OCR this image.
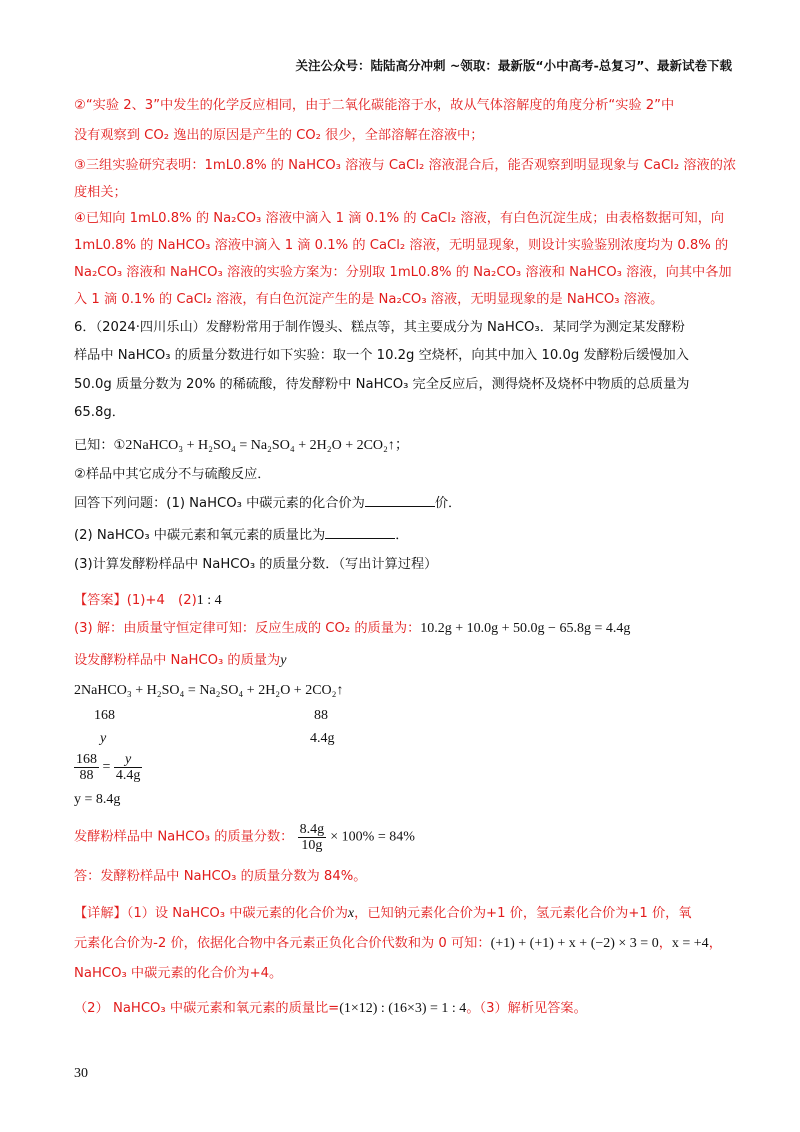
关注公众号：陆陆高分冲刺 ~领取：最新版“小中高考-总复习”、最新试卷下载
②“实验 2、3”中发生的化学反应相同，由于二氧化碳能溶于水，故从气体溶解度的角度分析“实验 2”中
没有观察到 CO₂ 逸出的原因是产生的 CO₂ 很少，全部溶解在溶液中；
③三组实验研究表明：1mL0.8% 的 NaHCO₃ 溶液与 CaCl₂ 溶液混合后，能否观察到明显现象与 CaCl₂ 溶液的浓
度相关；
④已知向 1mL0.8% 的 Na₂CO₃ 溶液中滴入 1 滴 0.1% 的 CaCl₂ 溶液，有白色沉淀生成；由表格数据可知，向
1mL0.8% 的 NaHCO₃ 溶液中滴入 1 滴 0.1% 的 CaCl₂ 溶液，无明显现象，则设计实验鉴别浓度均为 0.8% 的
Na₂CO₃ 溶液和 NaHCO₃ 溶液的实验方案为：分别取 1mL0.8% 的 Na₂CO₃ 溶液和 NaHCO₃ 溶液，向其中各加
入 1 滴 0.1% 的 CaCl₂ 溶液，有白色沉淀产生的是 Na₂CO₃ 溶液，无明显现象的是 NaHCO₃ 溶液。
6．（2024·四川乐山）发酵粉常用于制作馒头、糕点等，其主要成分为 NaHCO₃．某同学为测定某发酵粉
样品中 NaHCO₃ 的质量分数进行如下实验：取一个 10.2g 空烧杯，向其中加入 10.0g 发酵粉后缓慢加入
50.0g 质量分数为 20% 的稀硫酸，待发酵粉中 NaHCO₃ 完全反应后，测得烧杯及烧杯中物质的总质量为
65.8g．
已知：①2NaHCO₃ + H₂SO₄ = Na₂SO₄ + 2H₂O + 2CO₂↑；
②样品中其它成分不与硫酸反应．
回答下列问题：(1) NaHCO₃ 中碳元素的化合价为	价．
(2) NaHCO₃ 中碳元素和氧元素的质量比为	．
(3)计算发酵粉样品中 NaHCO₃ 的质量分数．（写出计算过程）
【答案】(1)+4　(2)1 : 4
(3) 解：由质量守恒定律可知：反应生成的 CO₂ 的质量为：10.2g + 10.0g + 50.0g − 65.8g = 4.4g
设发酵粉样品中 NaHCO₃ 的质量为y
2NaHCO₃ + H₂SO₄ = Na₂SO₄ + 2H₂O + 2CO₂↑
168	88
y	4.4g
$\frac{168}{88} = \frac{y}{4.4g}$
y = 8.4g
发酵粉样品中 NaHCO₃ 的质量分数： $\frac{8.4g}{10g} \times 100\% = 84\%$
答：发酵粉样品中 NaHCO₃ 的质量分数为 84%。
【详解】（1）设 NaHCO₃ 中碳元素的化合价为x，已知钠元素化合价为+1 价，氢元素化合价为+1 价，氧
元素化合价为-2 价，依据化合物中各元素正负化合价代数和为 0 可知：(+1) + (+1) + x + (−2) × 3 = 0，x = +4，
NaHCO₃ 中碳元素的化合价为+4。
（2） NaHCO₃ 中碳元素和氧元素的质量比=(1×12) : (16×3) = 1 : 4。（3）解析见答案。
30
